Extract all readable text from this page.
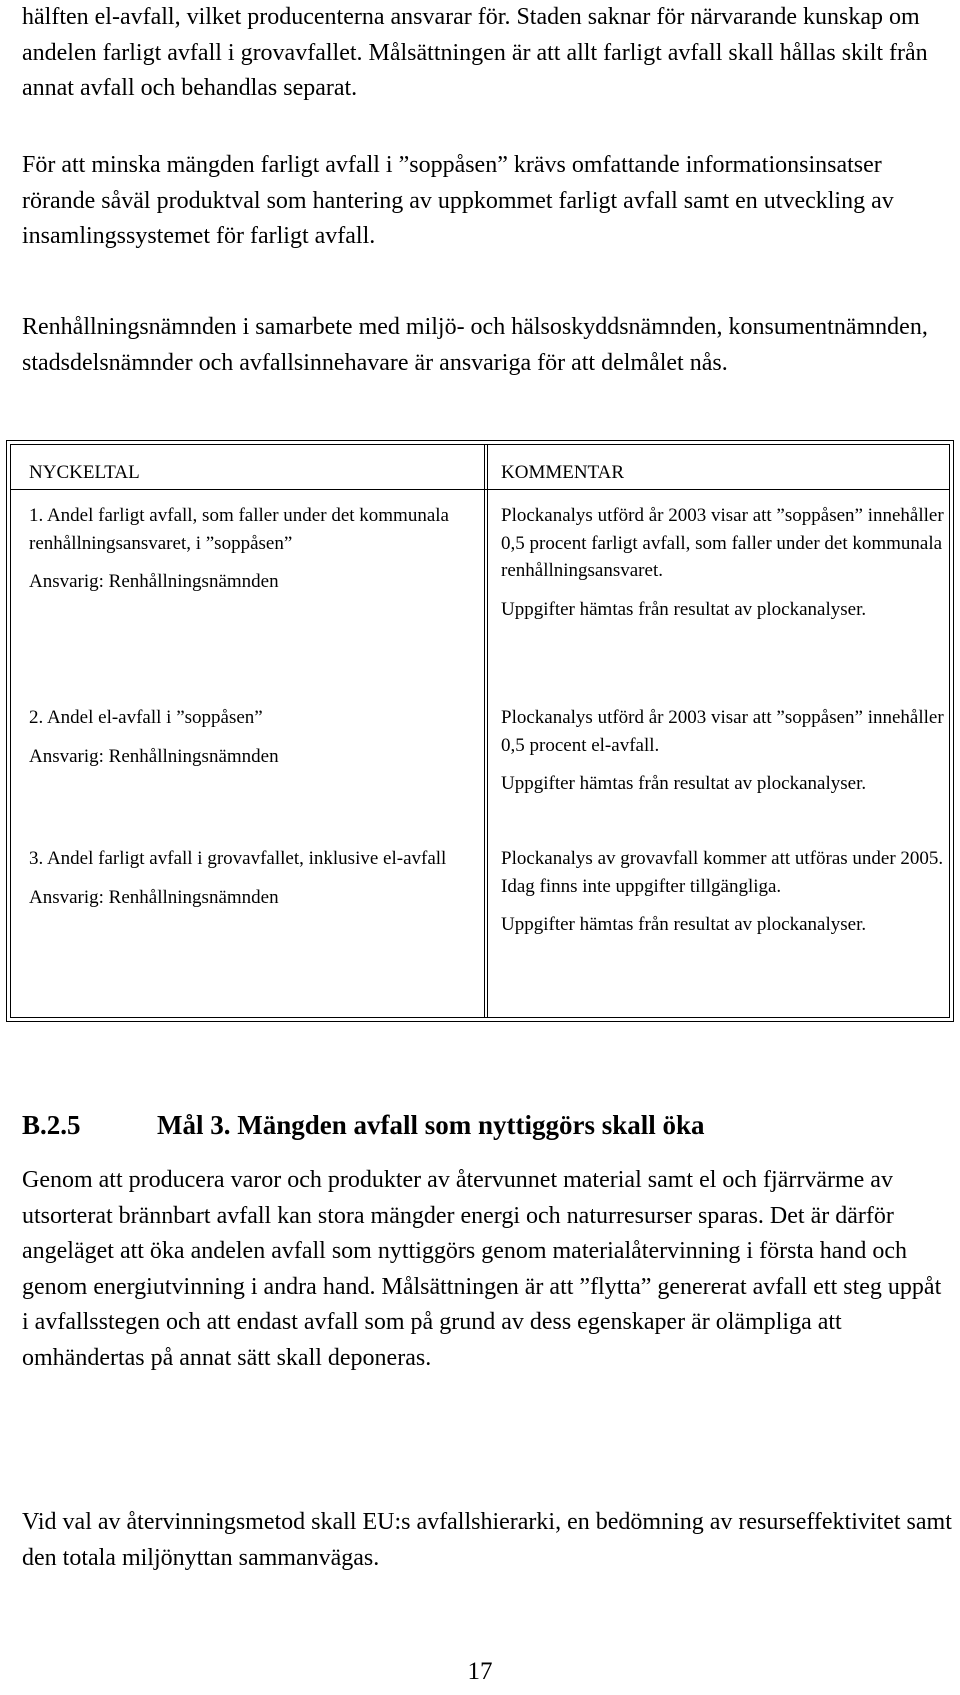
hälften el-avfall, vilket producenterna ansvarar för. Staden saknar för närvarande kunskap om andelen farligt avfall i grovavfallet. Målsättningen är att allt farligt avfall skall hållas skilt från annat avfall och behandlas separat.

För att minska mängden farligt avfall i ”soppåsen” krävs omfattande informationsinsatser rörande såväl produktval som hantering av uppkommet farligt avfall samt en utveckling av insamlingssystemet för farligt avfall.

Renhållningsnämnden i samarbete med miljö- och hälsoskyddsnämnden, konsumentnämnden, stadsdelsnämnder och avfallsinnehavare är ansvariga för att delmålet nås.

NYCKELTAL	KOMMENTAR

1. Andel farligt avfall, som faller under det kommunala renhållningsansvaret, i ”soppåsen”

Ansvarig: Renhållningsnämnden

Plockanalys utförd år 2003 visar att ”soppåsen” innehåller 0,5 procent farligt avfall, som faller under det kommunala renhållningsansvaret.

Uppgifter hämtas från resultat av plockanalyser.

2. Andel el-avfall i ”soppåsen”

Ansvarig: Renhållningsnämnden

Plockanalys utförd år 2003 visar att ”soppåsen” innehåller 0,5 procent el-avfall.

Uppgifter hämtas från resultat av plockanalyser.

3. Andel farligt avfall i grovavfallet, inklusive el-avfall

Ansvarig: Renhållningsnämnden

Plockanalys av grovavfall kommer att utföras under 2005. Idag finns inte uppgifter tillgängliga.

Uppgifter hämtas från resultat av plockanalyser.

B.2.5	Mål 3. Mängden avfall som nyttiggörs skall öka

Genom att producera varor och produkter av återvunnet material samt el och fjärrvärme av utsorterat brännbart avfall kan stora mängder energi och naturresurser sparas. Det är därför angeläget att öka andelen avfall som nyttiggörs genom materialåtervinning i första hand och genom energiutvinning i andra hand. Målsättningen är att ”flytta” genererat avfall ett steg uppåt i avfallsstegen och att endast avfall som på grund av dess egenskaper är olämpliga att omhändertas på annat sätt skall deponeras.

Vid val av återvinningsmetod skall EU:s avfallshierarki, en bedömning av resurseffektivitet samt den totala miljönyttan sammanvägas.

17
